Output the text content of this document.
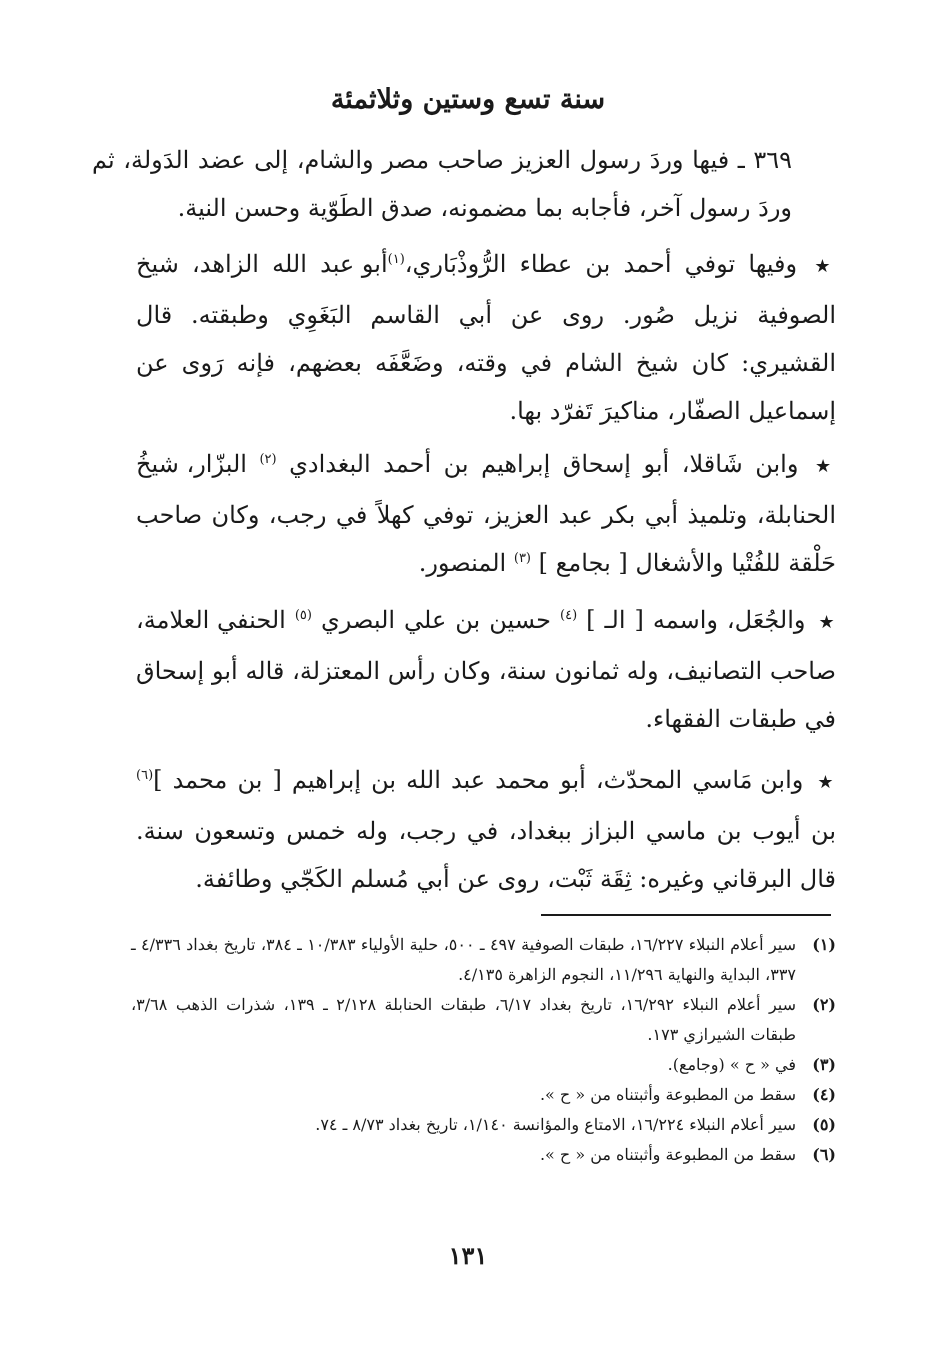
سنة تسع وستين وثلاثمئة

٣٦٩ ـ فيها وردَ رسول العزيز صاحب مصر والشام، إلى عضد الدَولة، ثم وردَ رسول آخر، فأجابه بما مضمونه، صدق الطَوّية وحسن النية.

★ وفيها توفي أحمد بن عطاء الرُّوذْبَاري،$^{(١)}$أبو عبد الله الزاهد، شيخ الصوفية نزيل صُور. روى عن أبي القاسم البَغَوِي وطبقته. قال القشيري: كان شيخ الشام في وقته، وضَعَّفَه بعضهم، فإنه رَوى عن إسماعيل الصفّار، مناكيرَ تَفرّد بها.

★ وابن شَاقلا، أبو إسحاق إبراهيم بن أحمد البغدادي $^{(٢)}$ البزّار، شيخُ الحنابلة، وتلميذ أبي بكر عبد العزيز، توفي كهلاً في رجب، وكان صاحب حَلْقة للفُتْيا والأشغال [ بجامع ] $^{(٣)}$ المنصور.

★ والجُعَل، واسمه [ الـ ] $^{(٤)}$ حسين بن علي البصري $^{(٥)}$ الحنفي العلامة، صاحب التصانيف، وله ثمانون سنة، وكان رأس المعتزلة، قاله أبو إسحاق في طبقات الفقهاء.

★ وابن مَاسي المحدّث، أبو محمد عبد الله بن إبراهيم [ بن محمد ]$^{(٦)}$ بن أيوب بن ماسي البزاز ببغداد، في رجب، وله خمس وتسعون سنة. قال البرقاني وغيره: ثِقَة ثَبْت، روى عن أبي مُسلم الكَجّي وطائفة.

(١)
سير أعلام النبلاء ١٦/٢٢٧، طبقات الصوفية ٤٩٧ ـ ٥٠٠، حلية الأولياء ١٠/٣٨٣ ـ ٣٨٤، تاريخ بغداد ٤/٣٣٦ ـ ٣٣٧، البداية والنهاية ١١/٢٩٦، النجوم الزاهرة ٤/١٣٥.
(٢)
سير أعلام النبلاء ١٦/٢٩٢، تاريخ بغداد ٦/١٧، طبقات الحنابلة ٢/١٢٨ ـ ١٣٩، شذرات الذهب ٣/٦٨، طبقات الشيرازي ١٧٣.
(٣)
في « ح » (وجامع).
(٤)
سقط من المطبوعة وأثبتناه من « ح ».
(٥)
سير أعلام النبلاء ١٦/٢٢٤، الامتاع والمؤانسة ١/١٤٠، تاريخ بغداد ٨/٧٣ ـ ٧٤.
(٦)
سقط من المطبوعة وأثبتناه من « ح ».
١٣١
